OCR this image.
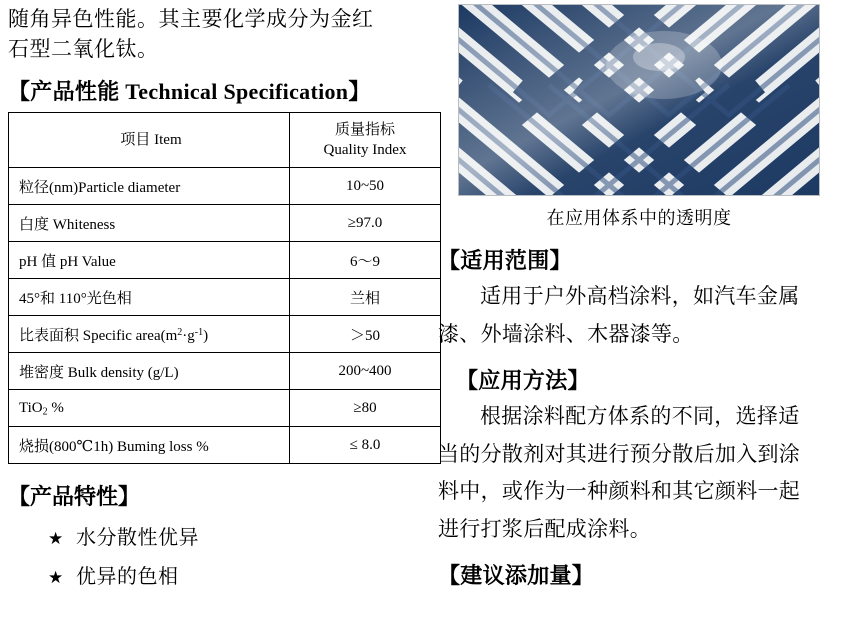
随角异色性能。其主要化学成分为金红
石型二氧化钛。
【产品性能 Technical Specification】
项目 Item	质量指标
Quality Index

粒径(nm)Particle diameter	10~50
白度 Whiteness	≥97.0
pH 值 pH Value	6～9
45°和 110°光色相	兰相
比表面积 Specific $area(m^2\cdot g^{-1})$	＞50
堆密度 Bulk density (g/L)	200~400
TiO$_2$ %	≥80
烧损(800℃1h) Buming loss %	≤ 8.0
【产品特性】
★ 水分散性优异
★ 优异的色相
在应用体系中的透明度
【适用范围】
适用于户外高档涂料，如汽车金属
漆、外墙涂料、木器漆等。
【应用方法】
根据涂料配方体系的不同，选择适
当的分散剂对其进行预分散后加入到涂
料中，或作为一种颜料和其它颜料一起
进行打浆后配成涂料。
【建议添加量】
